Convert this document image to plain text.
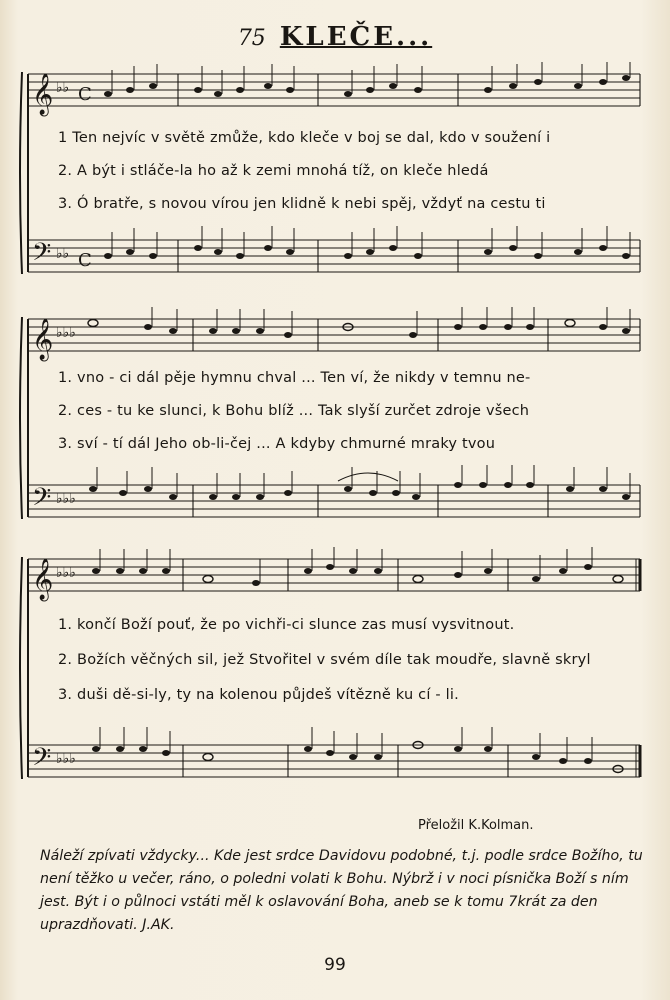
75 KLEČE...
𝄞
𝄢
♭♭
♭♭
C
C
1 Ten nejvíc v světě zmůže, kdo kleče v boj se dal, kdo v soužení i
2. A být i stláče-la ho až k zemi mnohá tíž, on kleče hledá
3. Ó bratře, s novou vírou jen klidně k nebi spěj, vždyť na cestu ti
𝄞
𝄢
♭♭♭
♭♭♭
1. vno - ci dál pěje hymnu chval ... Ten ví, že nikdy v temnu ne-
2. ces - tu ke slunci, k Bohu blíž ... Tak slyší zurčet zdroje všech
3. sví - tí dál Jeho ob-li-čej ... A kdyby chmurné mraky tvou
𝄞
𝄢
♭♭♭
♭♭♭
1. končí Boží pouť, že po vichři-ci slunce zas musí vysvitnout.
2. Božích věčných sil, jež Stvořitel v svém díle tak moudře, slavně skryl
3. duši dě-si-ly, ty na kolenou půjdeš vítězně ku cí - li.
Přeložil K.Kolman.
Náleží zpívati vždycky... Kde jest srdce Davidovu podobné, t.j. podle srdce Božího, tu není těžko u večer, ráno, o poledni volati k Bohu. Nýbrž i v noci písnička Boží s ním jest. Být i o půlnoci vstáti měl k oslavování Boha, aneb se k tomu 7krát za den uprazdňovati. J.AK.
99
